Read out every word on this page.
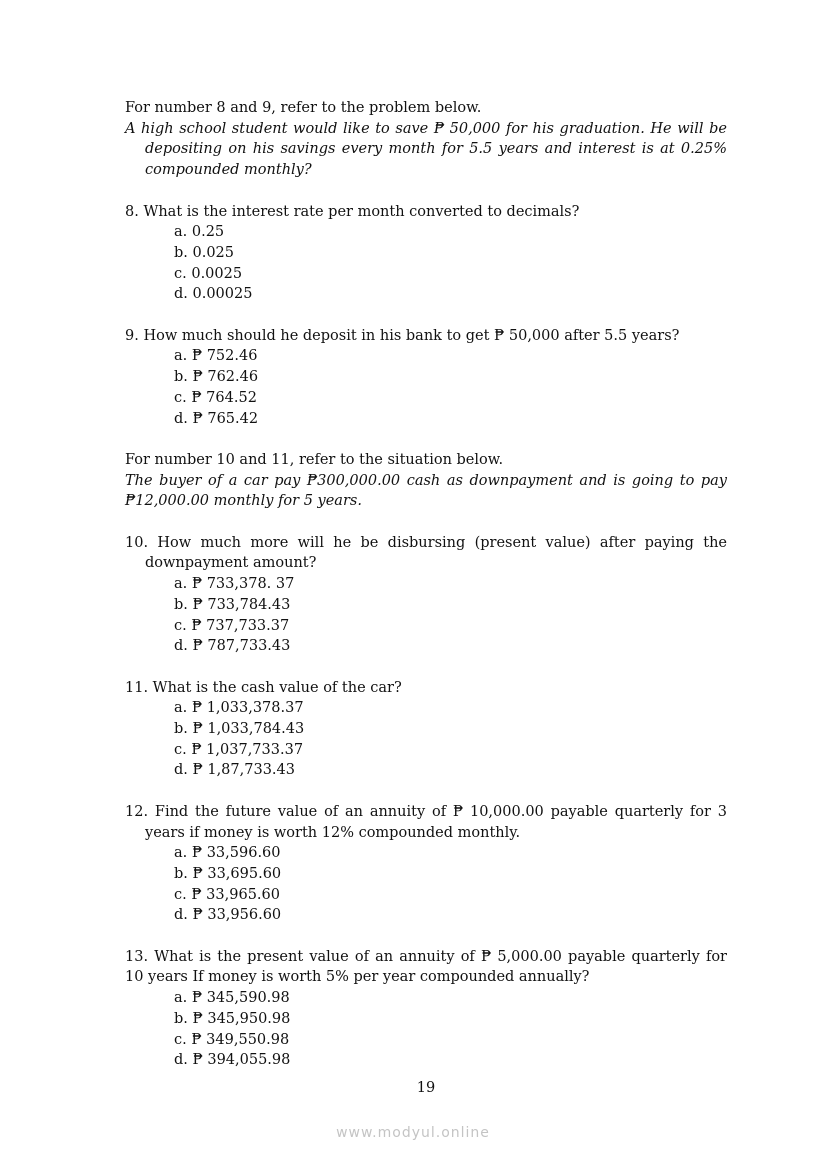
For number 8 and 9, refer to the problem below.
A high school student would like to save ₱ 50,000 for his graduation. He will be
depositing on his savings every month for 5.5 years and interest is at 0.25%
compounded monthly?
8. What is the interest rate per month converted to decimals?
a. 0.25
b. 0.025
c. 0.0025
d. 0.00025
9. How much should he deposit in his bank to get ₱ 50,000 after 5.5 years?
a. ₱ 752.46
b. ₱ 762.46
c. ₱ 764.52
d. ₱ 765.42
For number 10 and 11, refer to the situation below.
The buyer of a car pay ₱300,000.00 cash as downpayment and is going to pay
₱12,000.00 monthly for 5 years.
10. How much more will he be disbursing (present value) after paying the
downpayment amount?
a. ₱ 733,378. 37
b. ₱ 733,784.43
c. ₱ 737,733.37
d. ₱ 787,733.43
11. What is the cash value of the car?
a. ₱ 1,033,378.37
b. ₱ 1,033,784.43
c. ₱ 1,037,733.37
d. ₱ 1,87,733.43
12. Find the future value of an annuity of ₱ 10,000.00 payable quarterly for 3
years if money is worth 12% compounded monthly.
a. ₱ 33,596.60
b. ₱ 33,695.60
c. ₱ 33,965.60
d. ₱ 33,956.60
13. What is the present value of an annuity of ₱ 5,000.00 payable quarterly for
10 years If money is worth 5% per year compounded annually?
a. ₱ 345,590.98
b. ₱ 345,950.98
c. ₱ 349,550.98
d. ₱ 394,055.98
19
www.modyul.online
